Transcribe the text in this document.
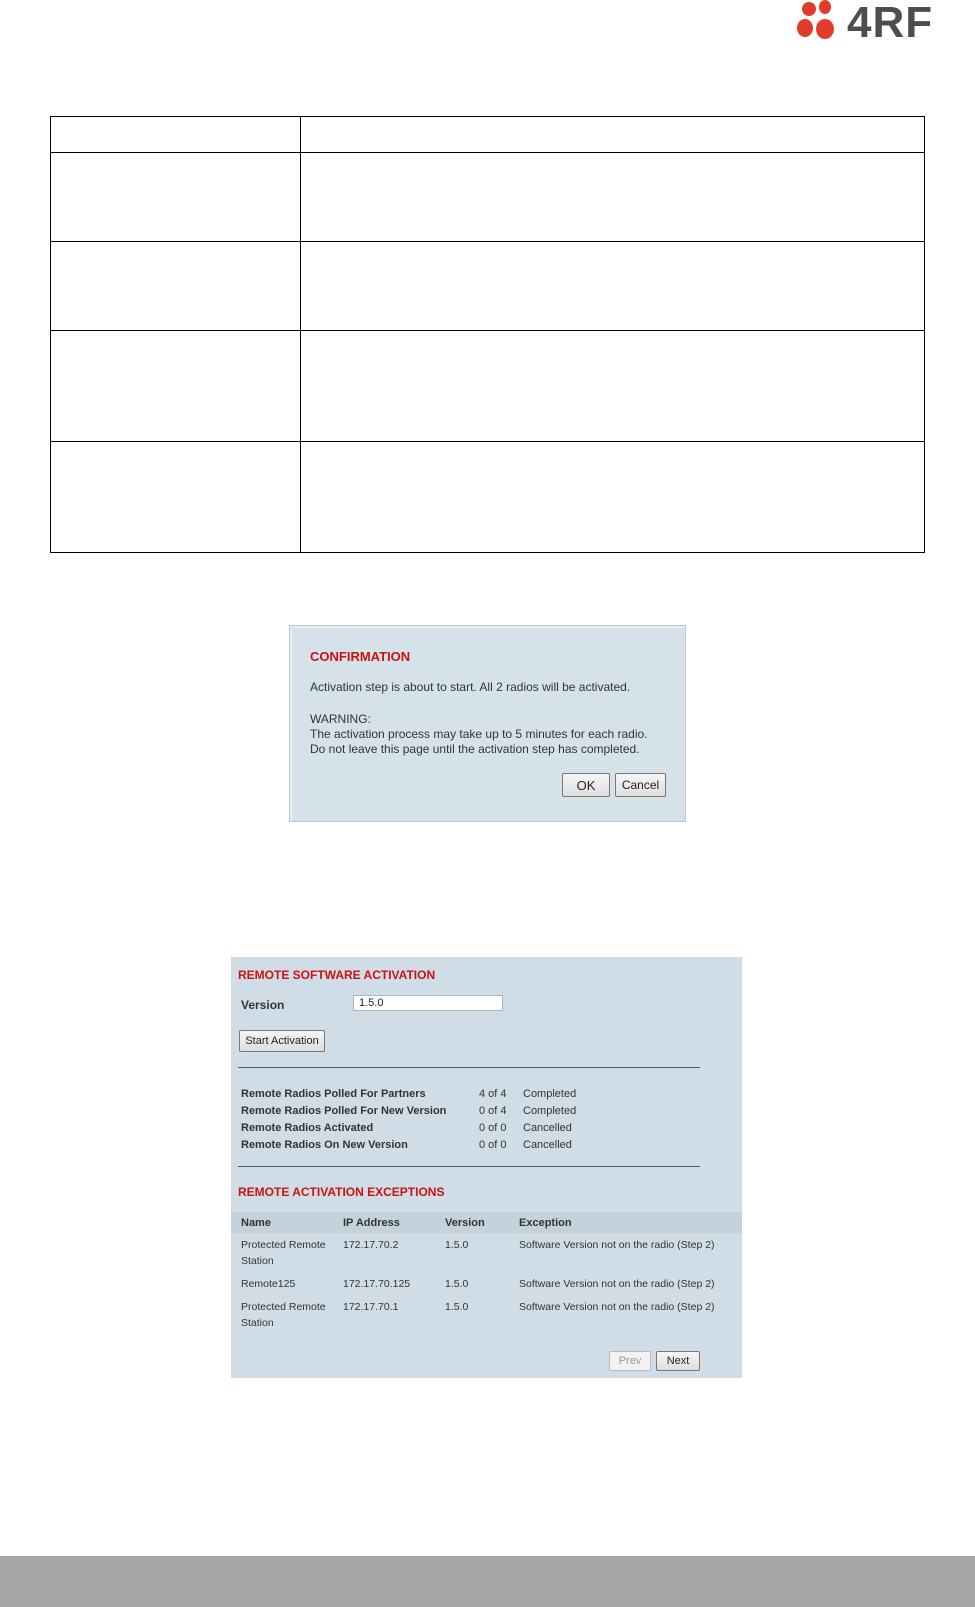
4RF

CONFIRMATION
Activation step is about to start. All 2 radios will be activated.
WARNING:
The activation process may take up to 5 minutes for each radio.
Do not leave this page until the activation step has completed.
OK	Cancel
REMOTE SOFTWARE ACTIVATION
Version
1.5.0
Start Activation
Remote Radios Polled For Partners	4 of 4	Completed
Remote Radios Polled For New Version	0 of 4	Completed
Remote Radios Activated	0 of 0	Cancelled
Remote Radios On New Version	0 of 0	Cancelled
REMOTE ACTIVATION EXCEPTIONS
Name	IP Address	Version	Exception
Protected Remote Station	172.17.70.2	1.5.0	Software Version not on the radio (Step 2)
Remote125	172.17.70.125	1.5.0	Software Version not on the radio (Step 2)
Protected Remote Station	172.17.70.1	1.5.0	Software Version not on the radio (Step 2)
Prev	Next
